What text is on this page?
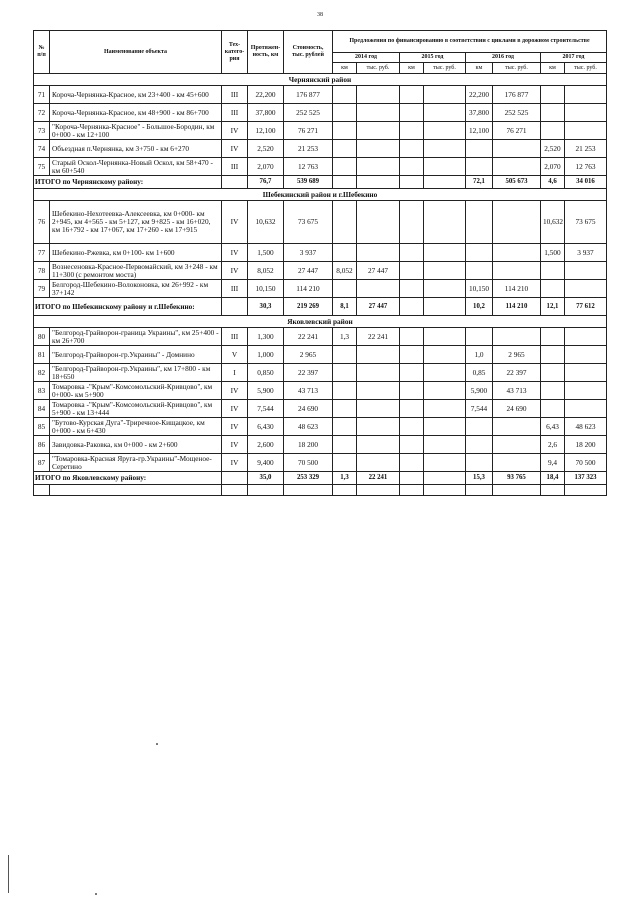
38
№ п/п	Наименование объекта	Тех-катего-рия	Протяжен-ность, км	Стоимость, тыс. рублей	Предложения по финансированию в соответствии с циклами в дорожном строительстве							
					2014 год		2015 год		2016 год		2017 год	
					км	тыс. руб.	км	тыс. руб.	км	тыс. руб.	км	тыс. руб.
Чернянский район												
71	Короча-Чернянка-Красное, км 23+400 - км 45+600	III	22,200	176 877					22,200	176 877		
72	Короча-Чернянка-Красное, км 48+900 - км 86+700	III	37,800	252 525					37,800	252 525		
73	"Короча-Чернянка-Красное" - Большое-Бородин, км 0+000 - км 12+100	IV	12,100	76 271					12,100	76 271		
74	Объездная п.Чернянка, км 3+750 - км 6+270	IV	2,520	21 253							2,520	21 253
75	Старый Оскол-Чернянка-Новый Оскол, км 58+470 - км 60+540	III	2,070	12 763							2,070	12 763
ИТОГО по Чернянскому району:			76,7	539 689					72,1	505 673	4,6	34 016
Шебекинский район и г.Шебекино												
76	Шебекино-Нехотеевка-Алексеевка, км 0+000- км 2+945, км 4+565 - км 5+127, км 9+825 - км 16+020, км 16+792 - км 17+067, км 17+260 - км 17+915	IV	10,632	73 675							10,632	73 675
77	Шебекино-Ржевка, км 0+100- км 1+600	IV	1,500	3 937							1,500	3 937
78	Вознесеновка-Красное-Первомайский, км 3+248 - км 11+300 (с ремонтом моста)	IV	8,052	27 447	8,052	27 447						
79	Белгород-Шебекино-Волоконовка, км 26+992 - км 37+142	III	10,150	114 210					10,150	114 210		
ИТОГО по Шебекинскому району и г.Шебекино:			30,3	219 269	8,1	27 447			10,2	114 210	12,1	77 612
Яковлевский район												
80	"Белгород-Грайворон-граница Украины", км 25+400 - км 26+700	III	1,300	22 241	1,3	22 241						
81	"Белгород-Грайворон-гр.Украины" - Домнино	V	1,000	2 965					1,0	2 965		
82	"Белгород-Грайворон-гр.Украины", км 17+800 - км 18+650	I	0,850	22 397					0,85	22 397		
83	Томаровка -"Крым"-Комсомольский-Кривцово", км 0+000- км 5+900	IV	5,900	43 713					5,900	43 713		
84	Томаровка -"Крым"-Комсомольский-Кривцово", км 5+900 - км 13+444	IV	7,544	24 690					7,544	24 690		
85	"Бутово-Курская Дуга"-Триречное-Кищацкое, км 0+000 - км 6+430	IV	6,430	48 623							6,43	48 623
86	Завидовка-Раковка, км 0+000 - км 2+600	IV	2,600	18 200							2,6	18 200
87	"Томаровка-Красная Яруга-гр.Украины"-Мощеное-Серетино	IV	9,400	70 500							9,4	70 500
ИТОГО по Яковлевскому району:			35,0	253 329	1,3	22 241			15,3	93 765	18,4	137 323
